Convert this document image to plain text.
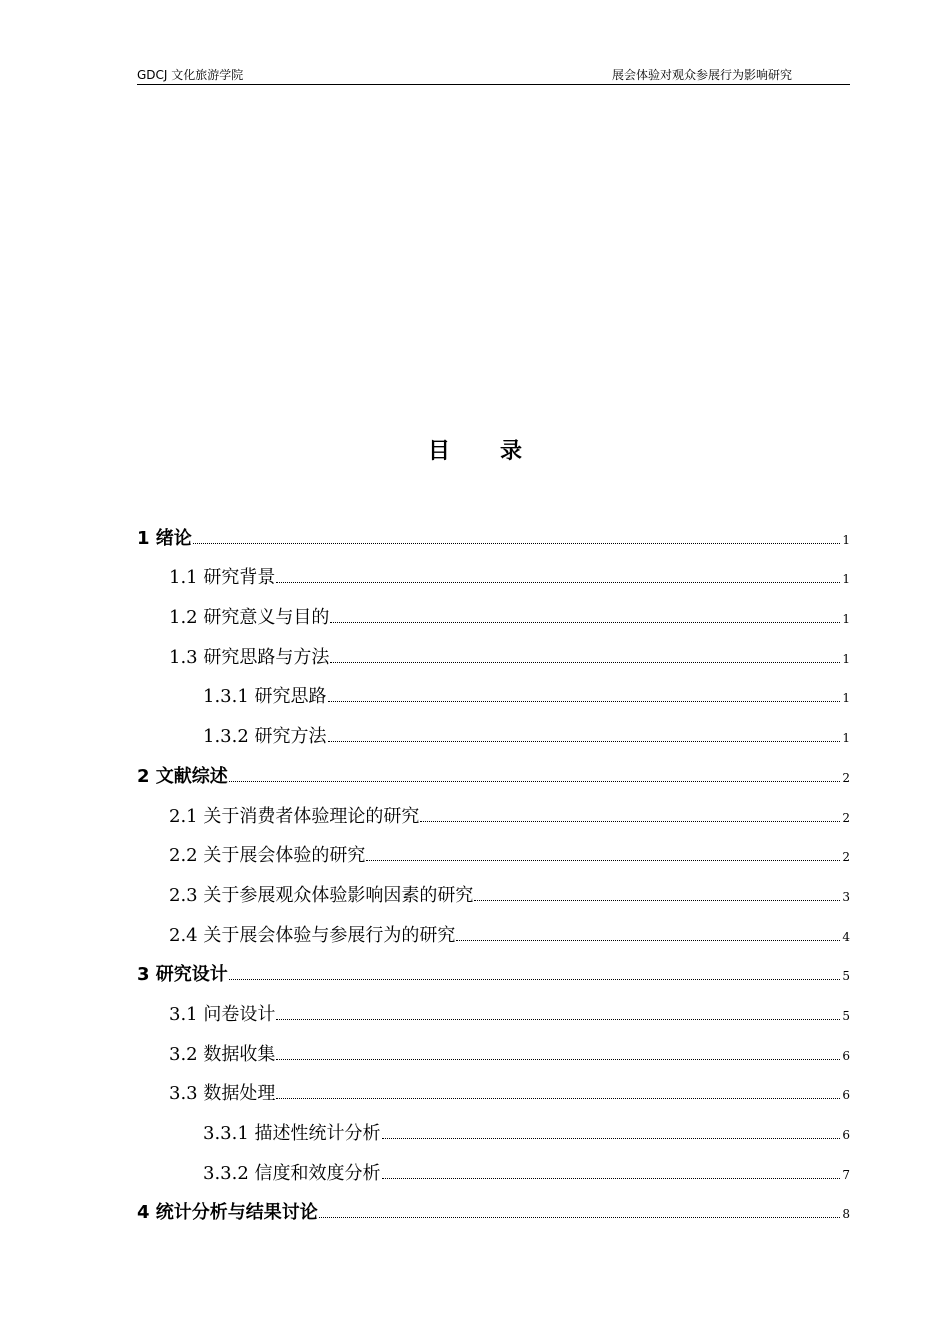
GDCJ 文化旅游学院	展会体验对观众参展行为影响研究
目录
1 绪论	1
1.1 研究背景	1
1.2 研究意义与目的	1
1.3 研究思路与方法	1
1.3.1 研究思路	1
1.3.2 研究方法	1
2 文献综述	2
2.1 关于消费者体验理论的研究	2
2.2 关于展会体验的研究	2
2.3 关于参展观众体验影响因素的研究	3
2.4 关于展会体验与参展行为的研究	4
3 研究设计	5
3.1 问卷设计	5
3.2 数据收集	6
3.3 数据处理	6
3.3.1 描述性统计分析	6
3.3.2 信度和效度分析	7
4 统计分析与结果讨论	8
